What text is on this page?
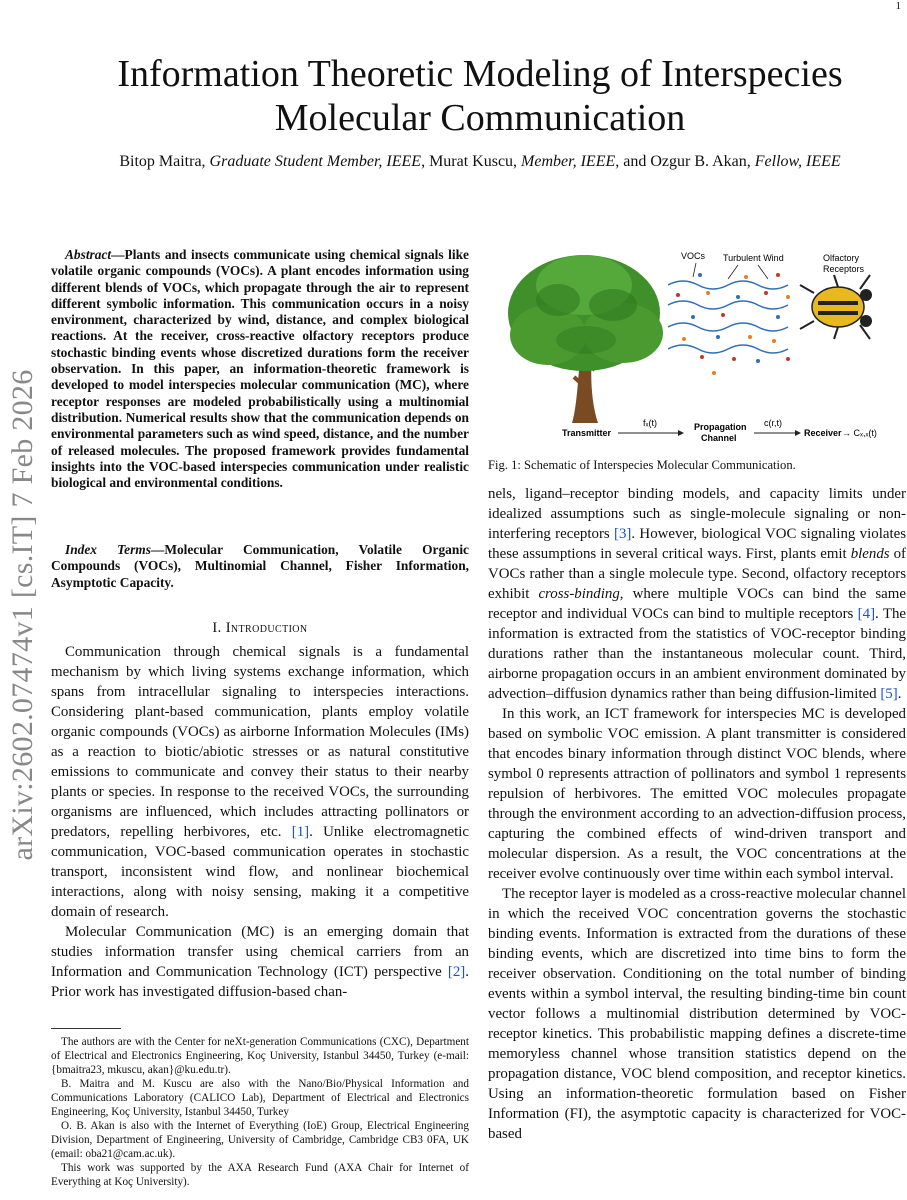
1
arXiv:2602.07474v1 [cs.IT] 7 Feb 2026
Information Theoretic Modeling of Interspecies Molecular Communication
Bitop Maitra, Graduate Student Member, IEEE, Murat Kuscu, Member, IEEE, and Ozgur B. Akan, Fellow, IEEE

Abstract—Plants and insects communicate using chemical signals like volatile organic compounds (VOCs). A plant encodes information using different blends of VOCs, which propagate through the air to represent different symbolic information. This communication occurs in a noisy environment, characterized by wind, distance, and complex biological reactions. At the receiver, cross-reactive olfactory receptors produce stochastic binding events whose discretized durations form the receiver observation. In this paper, an information-theoretic framework is developed to model interspecies molecular communication (MC), where receptor responses are modeled probabilistically using a multinomial distribution. Numerical results show that the communication depends on environmental parameters such as wind speed, distance, and the number of released molecules. The proposed framework provides fundamental insights into the VOC-based interspecies communication under realistic biological and environmental conditions.

Index Terms—Molecular Communication, Volatile Organic Compounds (VOCs), Multinomial Channel, Fisher Information, Asymptotic Capacity.

I. Introduction

Communication through chemical signals is a fundamental mechanism by which living systems exchange information, which spans from intracellular signaling to interspecies interactions. Considering plant-based communication, plants employ volatile organic compounds (VOCs) as airborne Information Molecules (IMs) as a reaction to biotic/abiotic stresses or as natural constitutive emissions to communicate and convey their status to their nearby plants or species. In response to the received VOCs, the surrounding organisms are influenced, which includes attracting pollinators or predators, repelling herbivores, etc. [1]. Unlike electromagnetic communication, VOC-based communication operates in stochastic transport, inconsistent wind flow, and nonlinear biochemical interactions, along with noisy sensing, making it a competitive domain of research.

Molecular Communication (MC) is an emerging domain that studies information transfer using chemical carriers from an Information and Communication Technology (ICT) perspective [2]. Prior work has investigated diffusion-based chan-

The authors are with the Center for neXt-generation Communications (CXC), Department of Electrical and Electronics Engineering, Koç University, Istanbul 34450, Turkey (e-mail: {bmaitra23, mkuscu, akan}@ku.edu.tr).

B. Maitra and M. Kuscu are also with the Nano/Bio/Physical Information and Communications Laboratory (CALICO Lab), Department of Electrical and Electronics Engineering, Koç University, Istanbul 34450, Turkey

O. B. Akan is also with the Internet of Everything (IoE) Group, Electrical Engineering Division, Department of Engineering, University of Cambridge, Cambridge CB3 0FA, UK (email: oba21@cam.ac.uk).

This work was supported by the AXA Research Fund (AXA Chair for Internet of Everything at Koç University).

VOCs Turbulent Wind	Olfactory
Receptors
Transmitter
fₓ(t)	Propagation
Channel
c(r,t)
Receiver → Cₓ,ₓ(t)
Fig. 1: Schematic of Interspecies Molecular Communication.

nels, ligand–receptor binding models, and capacity limits under idealized assumptions such as single-molecule signaling or non-interfering receptors [3]. However, biological VOC signaling violates these assumptions in several critical ways. First, plants emit blends of VOCs rather than a single molecule type. Second, olfactory receptors exhibit cross-binding, where multiple VOCs can bind the same receptor and individual VOCs can bind to multiple receptors [4]. The information is extracted from the statistics of VOC-receptor binding durations rather than the instantaneous molecular count. Third, airborne propagation occurs in an ambient environment dominated by advection–diffusion dynamics rather than being diffusion-limited [5].

In this work, an ICT framework for interspecies MC is developed based on symbolic VOC emission. A plant transmitter is considered that encodes binary information through distinct VOC blends, where symbol 0 represents attraction of pollinators and symbol 1 represents repulsion of herbivores. The emitted VOC molecules propagate through the environment according to an advection-diffusion process, capturing the combined effects of wind-driven transport and molecular dispersion. As a result, the VOC concentrations at the receiver evolve continuously over time within each symbol interval.

The receptor layer is modeled as a cross-reactive molecular channel in which the received VOC concentration governs the stochastic binding events. Information is extracted from the durations of these binding events, which are discretized into time bins to form the receiver observation. Conditioning on the total number of binding events within a symbol interval, the resulting binding-time bin count vector follows a multinomial distribution determined by VOC-receptor kinetics. This probabilistic mapping defines a discrete-time memoryless channel whose transition statistics depend on the propagation distance, VOC blend composition, and receptor kinetics. Using an information-theoretic formulation based on Fisher Information (FI), the asymptotic capacity is characterized for VOC-based
